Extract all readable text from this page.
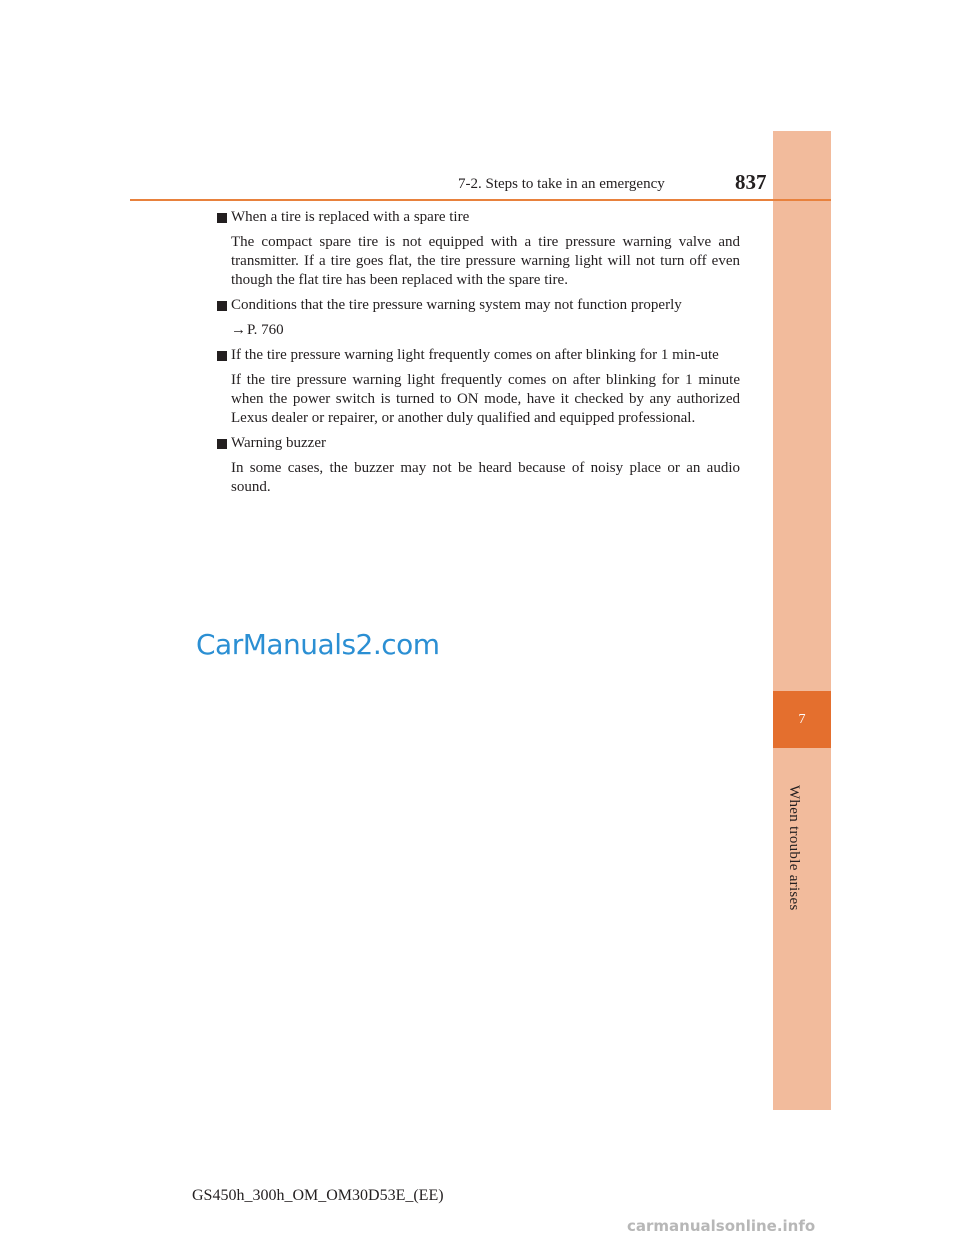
7
When trouble arises
7-2. Steps to take in an emergency	837
When a tire is replaced with a spare tire

The compact spare tire is not equipped with a tire pressure warning valve and transmitter. If a tire goes flat, the tire pressure warning light will not turn off even though the flat tire has been replaced with the spare tire.

Conditions that the tire pressure warning system may not function properly

→P. 760

If the tire pressure warning light frequently comes on after blinking for 1 min-ute

If the tire pressure warning light frequently comes on after blinking for 1 minute when the power switch is turned to ON mode, have it checked by any authorized Lexus dealer or repairer, or another duly qualified and equipped professional.

Warning buzzer

In some cases, the buzzer may not be heard because of noisy place or an audio sound.

CarManuals2.com
GS450h_300h_OM_OM30D53E_(EE)
carmanualsonline.info
